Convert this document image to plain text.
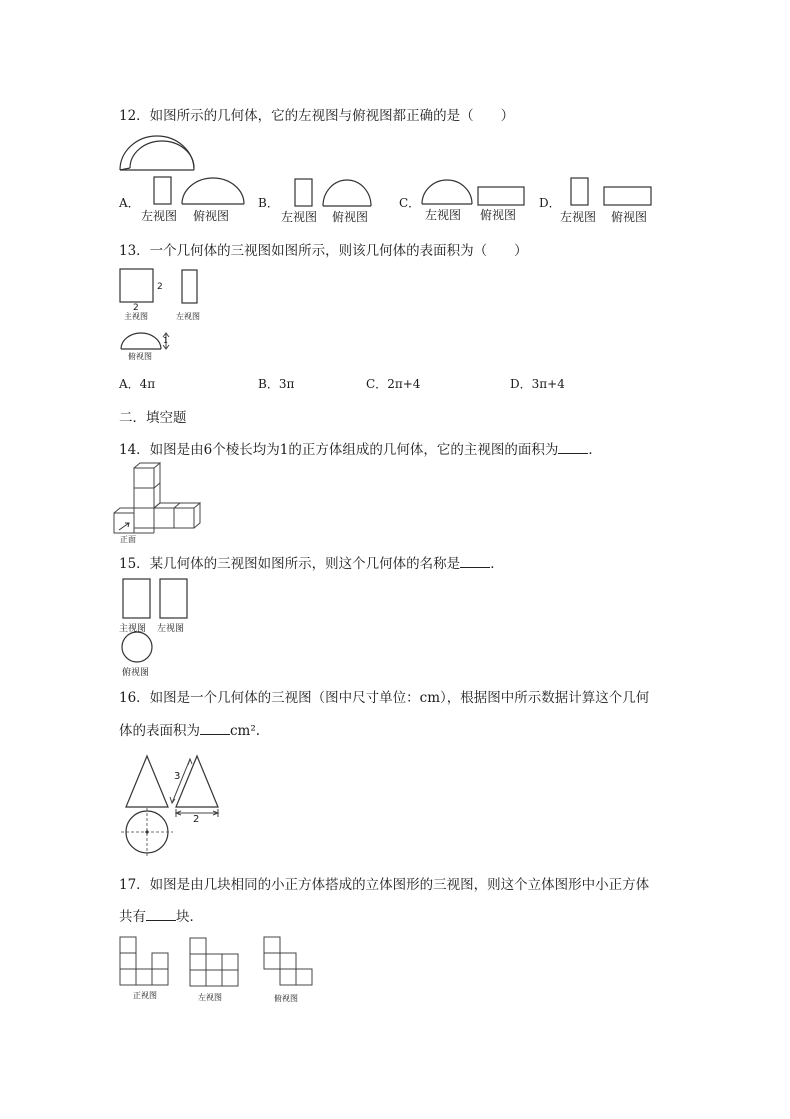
12．如图所示的几何体，它的左视图与俯视图都正确的是（　　）
A．
左视图 俯视图
B．
左视图 俯视图
C．
左视图 俯视图
D．
左视图 俯视图
13．一个几何体的三视图如图所示，则该几何体的表面积为（　　）
2
2
主视图	左视图
1
俯视图
A．4π	B．3π	C．2π+4	D．3π+4
二．填空题
14．如图是由6个棱长均为1的正方体组成的几何体，它的主视图的面积为 ．
正面
15．某几何体的三视图如图所示，则这个几何体的名称是 ．
主视图 左视图
俯视图
16．如图是一个几何体的三视图（图中尺寸单位：cm），根据图中所示数据计算这个几何
体的表面积为 cm².
3
2
17．如图是由几块相同的小正方体搭成的立体图形的三视图，则这个立体图形中小正方体
共有 块．
正视图	左视图	俯视图
